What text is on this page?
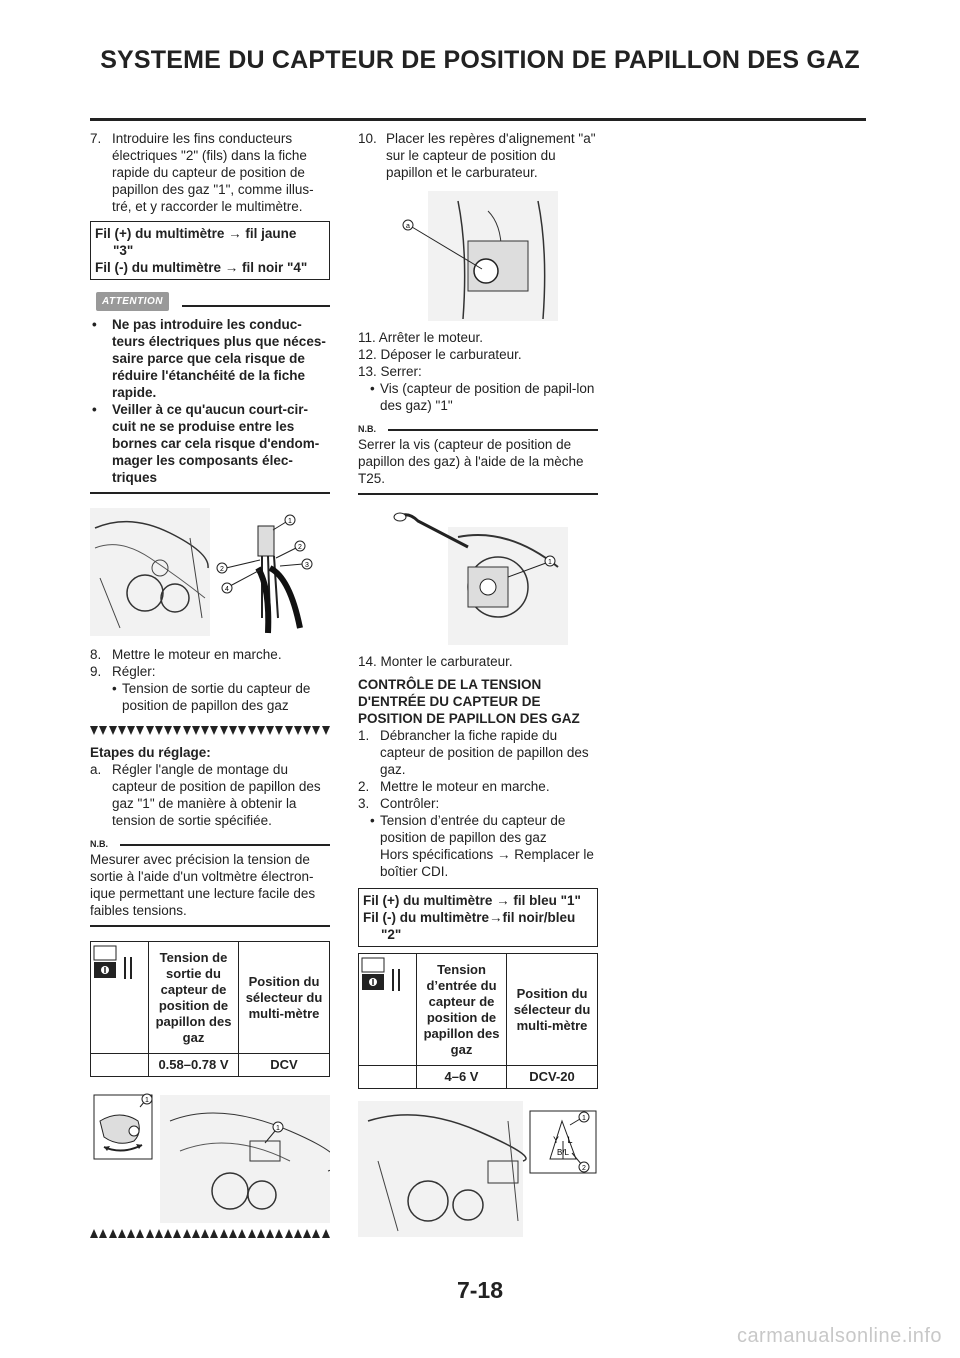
SYSTEME DU CAPTEUR DE POSITION DE PAPILLON DES GAZ
7. Introduire les fins conducteurs électriques "2" (fils) dans la fiche rapide du capteur de position de papillon des gaz "1", comme illus-tré, et y raccorder le multimètre.
Fil (+) du multimètre → fil jaune
"3"
Fil (-) du multimètre → fil noir "4"
ATTENTION
• Ne pas introduire les conduc-teurs électriques plus que néces-saire parce que cela risque de réduire l'étanchéité de la fiche rapide.
• Veiller à ce qu'aucun court-cir-cuit ne se produise entre les bornes car cela risque d'endom-mager les composants élec-triques
1
2
3
2
4
8. Mettre le moteur en marche.
9. Régler:
• Tension de sortie du capteur de position de papillon des gaz
Etapes du réglage:
a. Régler l'angle de montage du capteur de position de papillon des gaz "1" de manière à obtenir la tension de sortie spécifiée.
N.B.
Mesurer avec précision la tension de sortie à l'aide d'un voltmètre électron-ique permettant une lecture facile des faibles tensions.
	Tension de sortie du capteur de position de papillon des gaz	Position du sélecteur du multi-mètre
	0.58–0.78 V	DCV
1
1
10. Placer les repères d'alignement "a" sur le capteur de position du papillon et le carburateur.
a
11. Arrêter le moteur.
12. Déposer le carburateur.
13. Serrer:
• Vis (capteur de position de papil-lon des gaz) "1"
N.B.
Serrer la vis (capteur de position de papillon des gaz) à l'aide de la mèche T25.
1
14. Monter le carburateur.
CONTRÔLE DE LA TENSION D'ENTRÉE DU CAPTEUR DE POSITION DE PAPILLON DES GAZ
1. Débrancher la fiche rapide du capteur de position de papillon des gaz.
2. Mettre le moteur en marche.
3. Contrôler:
• Tension d’entrée du capteur de position de papillon des gaz
Hors spécifications → Remplacer le boîtier CDI.
Fil (+) du multimètre → fil bleu "1"
Fil (-) du multimètre→fil noir/bleu
"2"
	Tension d’entrée du capteur de position de papillon des gaz	Position du sélecteur du multi-mètre
	4–6 V	DCV-20
Y L
B/L
1
2
7-18
carmanualsonline.info
